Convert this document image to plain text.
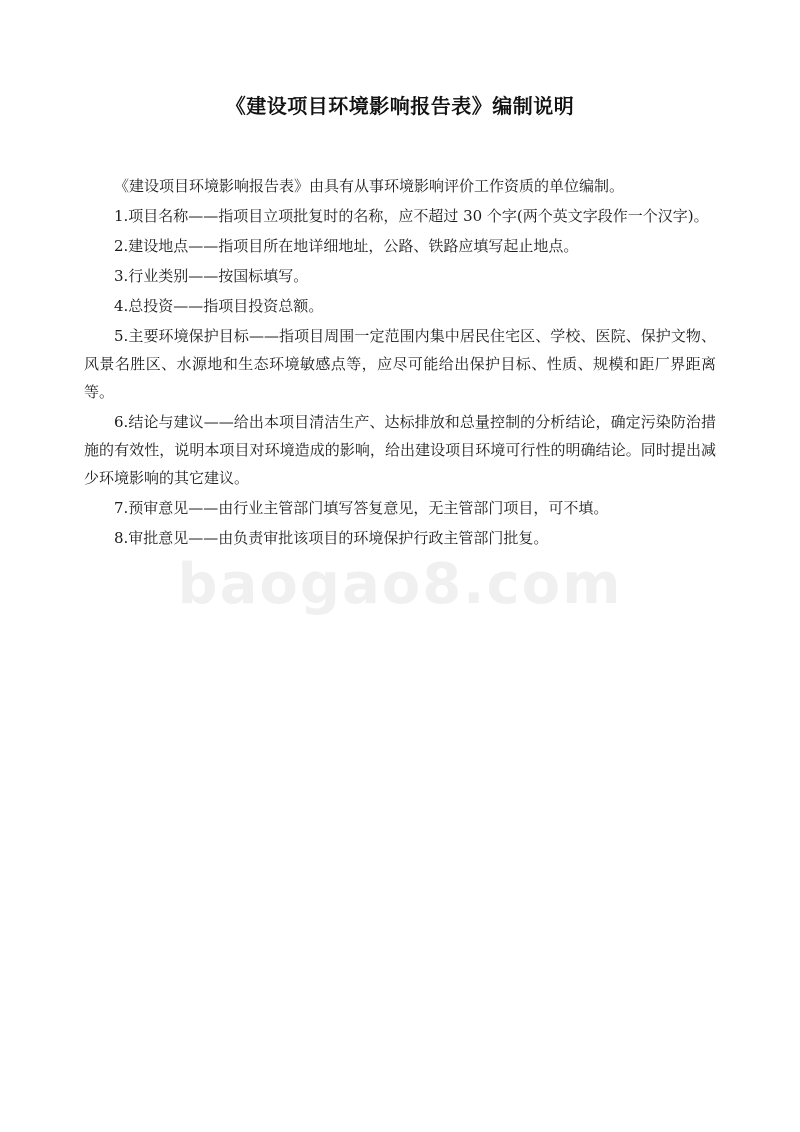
《建设项目环境影响报告表》编制说明

《建设项目环境影响报告表》由具有从事环境影响评价工作资质的单位编制。

1.项目名称——指项目立项批复时的名称，应不超过 30 个字(两个英文字段作一个汉字)。

2.建设地点——指项目所在地详细地址，公路、铁路应填写起止地点。

3.行业类别——按国标填写。

4.总投资——指项目投资总额。

5.主要环境保护目标——指项目周围一定范围内集中居民住宅区、学校、医院、保护文物、风景名胜区、水源地和生态环境敏感点等，应尽可能给出保护目标、性质、规模和距厂界距离等。

6.结论与建议——给出本项目清洁生产、达标排放和总量控制的分析结论，确定污染防治措施的有效性，说明本项目对环境造成的影响，给出建设项目环境可行性的明确结论。同时提出减少环境影响的其它建议。

7.预审意见——由行业主管部门填写答复意见，无主管部门项目，可不填。

8.审批意见——由负责审批该项目的环境保护行政主管部门批复。

baogao8.com
